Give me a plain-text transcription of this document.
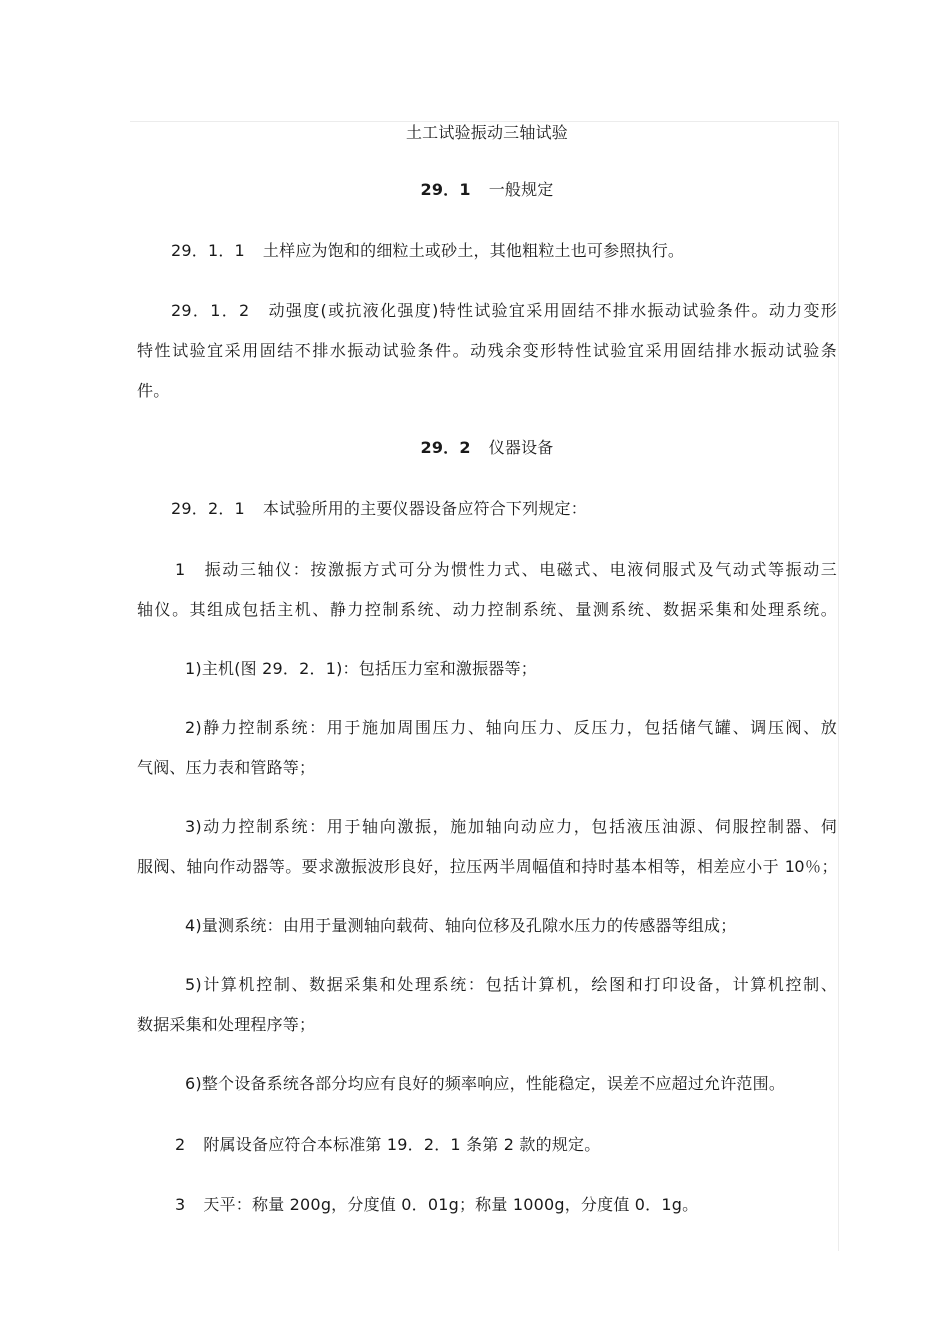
土工试验振动三轴试验
29．1 一般规定
29．1．1 土样应为饱和的细粒土或砂土，其他粗粒土也可参照执行。
29．1．2 动强度(或抗液化强度)特性试验宜采用固结不排水振动试验条件。动力变形
特性试验宜采用固结不排水振动试验条件。动残余变形特性试验宜采用固结排水振动试验条
件。
29．2 仪器设备
29．2．1 本试验所用的主要仪器设备应符合下列规定：
1 振动三轴仪：按激振方式可分为惯性力式、电磁式、电液伺服式及气动式等振动三
轴仪。其组成包括主机、静力控制系统、动力控制系统、量测系统、数据采集和处理系统。
1)主机(图 29．2．1)：包括压力室和激振器等；
2)静力控制系统：用于施加周围压力、轴向压力、反压力，包括储气罐、调压阀、放
气阀、压力表和管路等；
3)动力控制系统：用于轴向激振，施加轴向动应力，包括液压油源、伺服控制器、伺
服阀、轴向作动器等。要求激振波形良好，拉压两半周幅值和持时基本相等，相差应小于 10％；
4)量测系统：由用于量测轴向载荷、轴向位移及孔隙水压力的传感器等组成；
5)计算机控制、数据采集和处理系统：包括计算机，绘图和打印设备，计算机控制、
数据采集和处理程序等；
6)整个设备系统各部分均应有良好的频率响应，性能稳定，误差不应超过允许范围。
2 附属设备应符合本标准第 19．2．1 条第 2 款的规定。
3 天平：称量 200g，分度值 0．01g；称量 1000g，分度值 0．1g。
